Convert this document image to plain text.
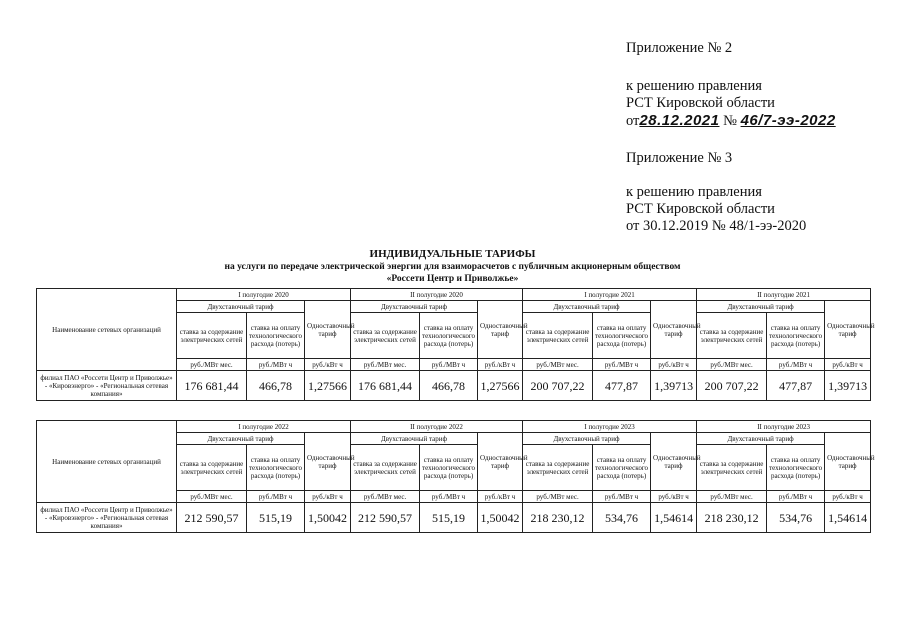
Приложение № 2
к решению правления
РСТ Кировской области
от28.12.2021 № 46/7-ээ-2022
Приложение № 3
к решению правления
РСТ Кировской области
от 30.12.2019 № 48/1-ээ-2020
ИНДИВИДУАЛЬНЫЕ ТАРИФЫ
на услуги по передаче электрической энергии для взаиморасчетов с публичным акционерным обществом
«Россети Центр и Приволжье»
Наименование сетевых организаций	I полугодие 2020			II полугодие 2020			I полугодие 2021			II полугодие 2021		
	Двухставочный тариф		Одноставочный тариф	Двухставочный тариф		Одноставочный тариф	Двухставочный тариф		Одноставочный тариф	Двухставочный тариф		Одноставочный тариф
	ставка за содержание электрических сетей	ставка на оплату технологического расхода (потерь)		ставка за содержание электрических сетей	ставка на оплату технологического расхода (потерь)		ставка за содержание электрических сетей	ставка на оплату технологического расхода (потерь)		ставка за содержание электрических сетей	ставка на оплату технологического расхода (потерь)	
	руб./МВт мес.	руб./МВт ч	руб./кВт ч	руб./МВт мес.	руб./МВт ч	руб./кВт ч	руб./МВт мес.	руб./МВт ч	руб./кВт ч	руб./МВт мес.	руб./МВт ч	руб./кВт ч
филиал ПАО «Россети Центр и Приволжье» - «Кировэнерго» - «Региональная сетевая компания»	176 681,44	466,78	1,27566	176 681,44	466,78	1,27566	200 707,22	477,87	1,39713	200 707,22	477,87	1,39713
Наименование сетевых организаций	I полугодие 2022			II полугодие 2022			I полугодие 2023			II полугодие 2023		
	Двухставочный тариф		Одноставочный тариф	Двухставочный тариф		Одноставочный тариф	Двухставочный тариф		Одноставочный тариф	Двухставочный тариф		Одноставочный тариф
	ставка за содержание электрических сетей	ставка на оплату технологического расхода (потерь)		ставка за содержание электрических сетей	ставка на оплату технологического расхода (потерь)		ставка за содержание электрических сетей	ставка на оплату технологического расхода (потерь)		ставка за содержание электрических сетей	ставка на оплату технологического расхода (потерь)	
	руб./МВт мес.	руб./МВт ч	руб./кВт ч	руб./МВт мес.	руб./МВт ч	руб./кВт ч	руб./МВт мес.	руб./МВт ч	руб./кВт ч	руб./МВт мес.	руб./МВт ч	руб./кВт ч
филиал ПАО «Россети Центр и Приволжье» - «Кировэнерго» - «Региональная сетевая компания»	212 590,57	515,19	1,50042	212 590,57	515,19	1,50042	218 230,12	534,76	1,54614	218 230,12	534,76	1,54614
